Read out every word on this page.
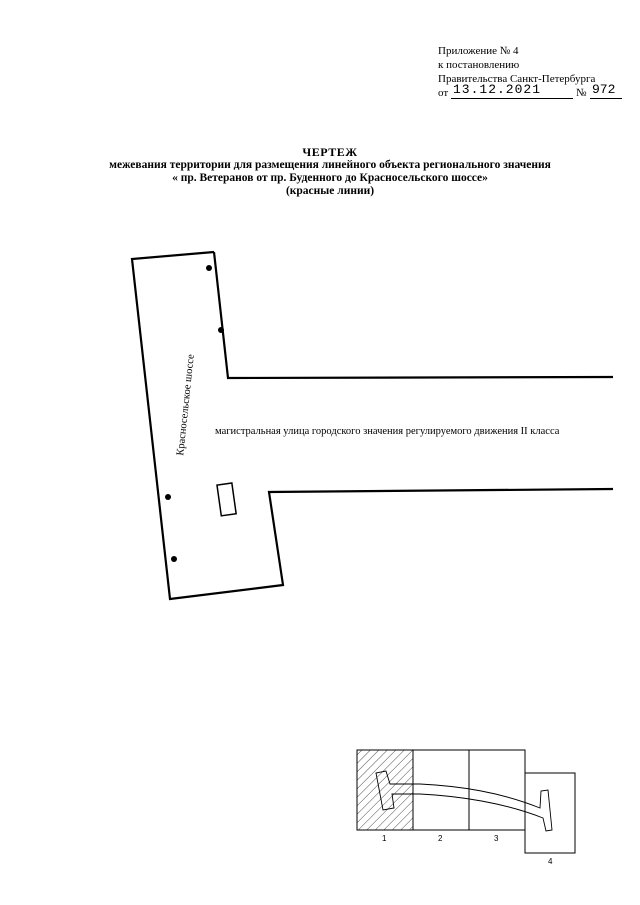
Приложение № 4
к постановлению
Правительства Санкт-Петербурга
от 13.12.2021	№ 972
ЧЕРТЕЖ
межевания территории для размещения линейного объекта регионального значения
« пр. Ветеранов от пр. Буденного до Красносельского шоссе»
(красные линии)
Красносельское шоссе магистральная улица городского значения регулируемого движения II класса
1	2	3
4
